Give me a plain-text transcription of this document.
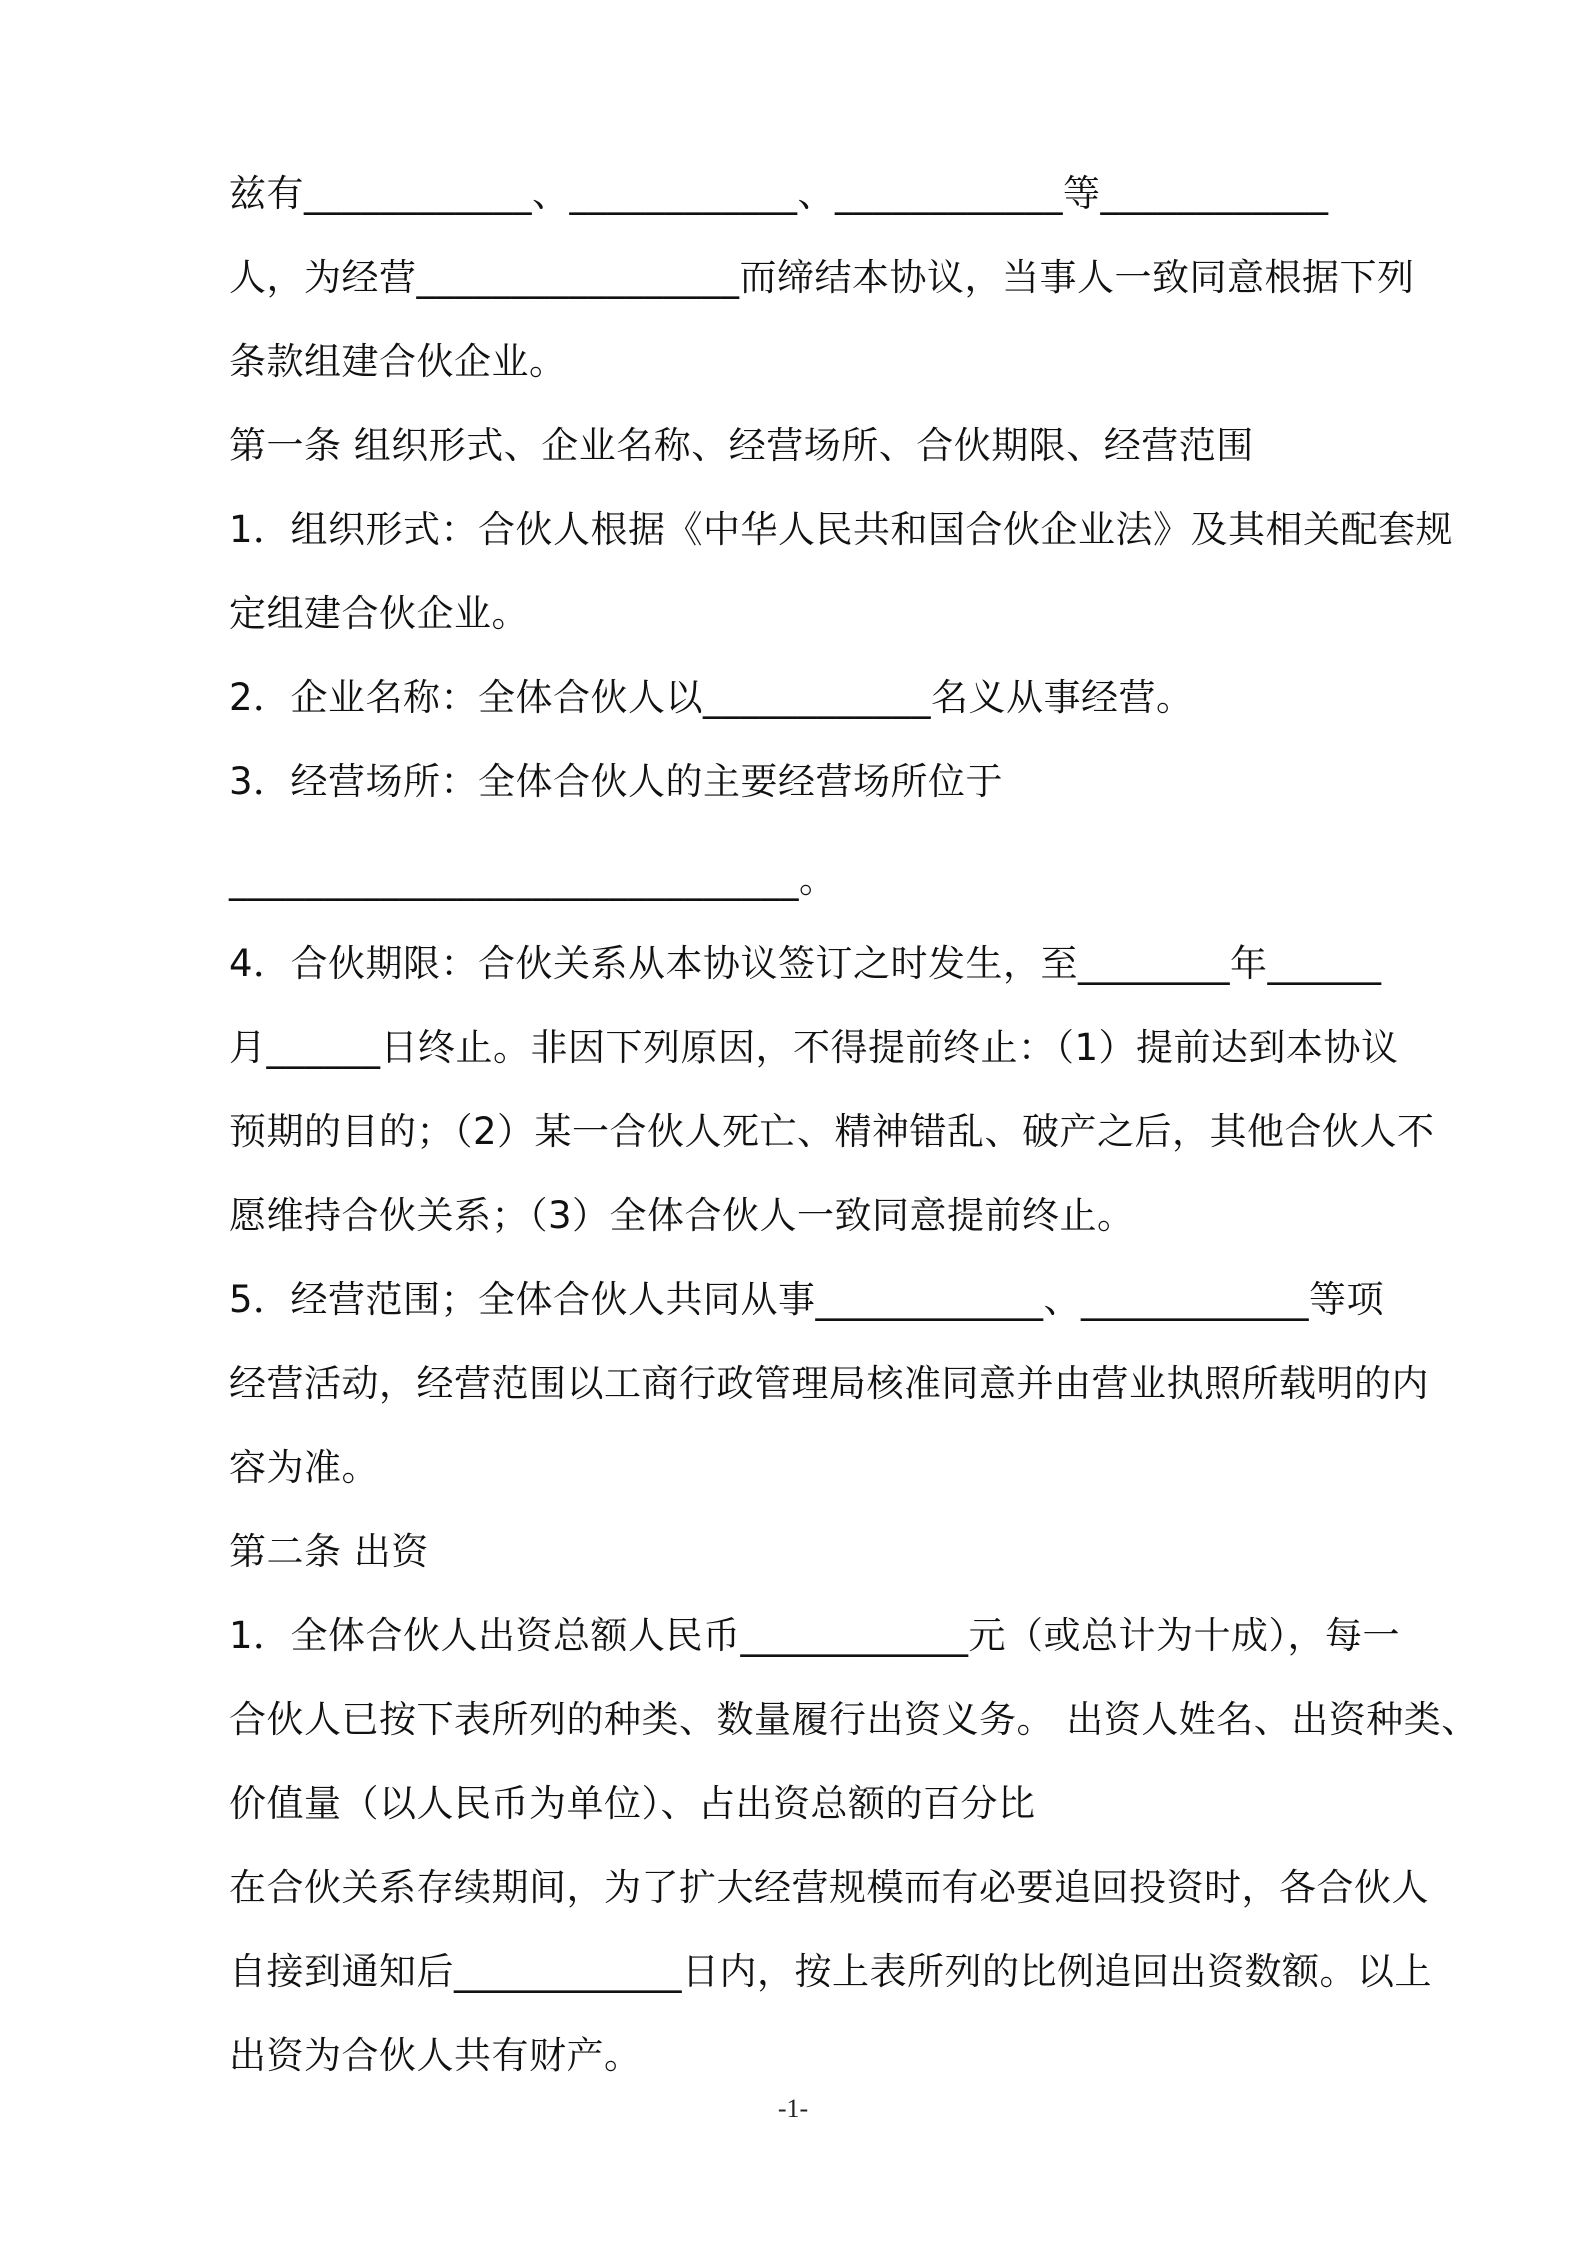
兹有____________、____________、____________等____________
人，为经营_________________而缔结本协议，当事人一致同意根据下列
条款组建合伙企业。
第一条 组织形式、企业名称、经营场所、合伙期限、经营范围
1．组织形式：合伙人根据《中华人民共和国合伙企业法》及其相关配套规
定组建合伙企业。
2．企业名称：全体合伙人以____________名义从事经营。
3．经营场所：全体合伙人的主要经营场所位于
______________________________。
4．合伙期限：合伙关系从本协议签订之时发生，至________年______
月______日终止。非因下列原因，不得提前终止：（1）提前达到本协议
预期的目的；（2）某一合伙人死亡、精神错乱、破产之后，其他合伙人不
愿维持合伙关系；（3）全体合伙人一致同意提前终止。
5．经营范围；全体合伙人共同从事____________、____________等项
经营活动，经营范围以工商行政管理局核准同意并由营业执照所载明的内
容为准。
第二条 出资
1．全体合伙人出资总额人民币____________元（或总计为十成），每一
合伙人已按下表所列的种类、数量履行出资义务。 出资人姓名、出资种类、
价值量（以人民币为单位）、占出资总额的百分比
在合伙关系存续期间，为了扩大经营规模而有必要追回投资时，各合伙人
自接到通知后____________日内，按上表所列的比例追回出资数额。以上
出资为合伙人共有财产。
-1-
